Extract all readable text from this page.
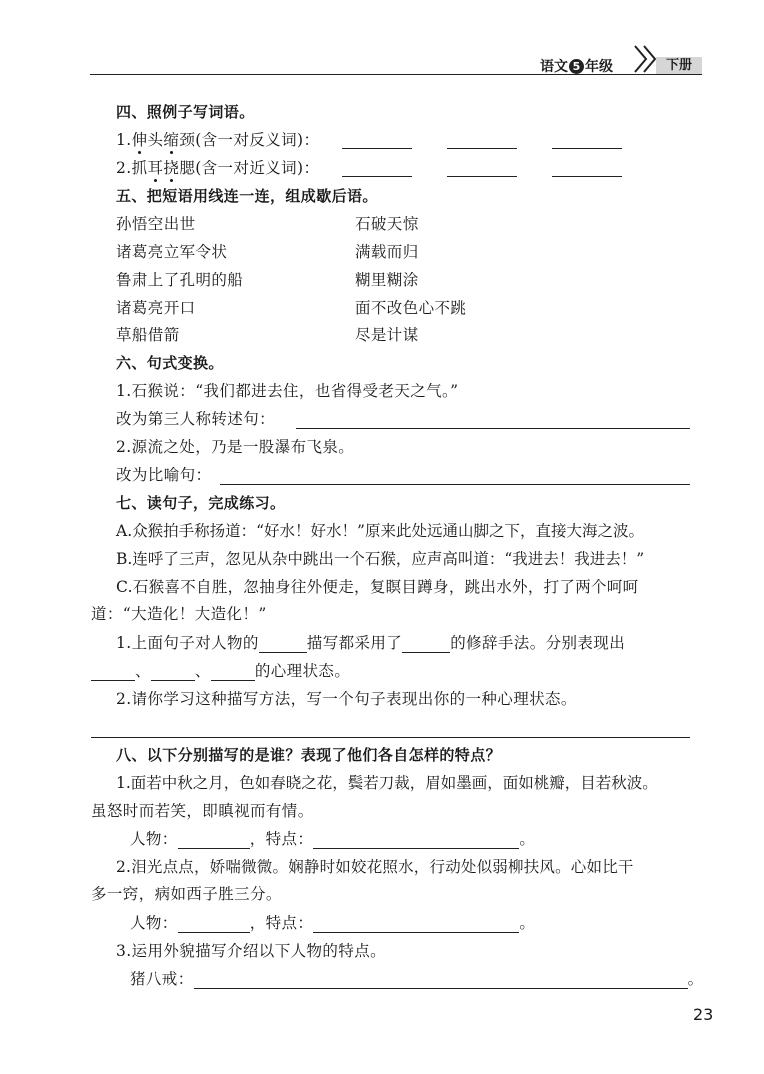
语文 5 年级	下册
四、照例子写词语。
1.伸头缩颈(含一对反义词)：
2.抓耳挠腮(含一对近义词)：
五、把短语用线连一连，组成歇后语。
孙悟空出世	石破天惊
诸葛亮立军令状	满载而归
鲁肃上了孔明的船	糊里糊涂
诸葛亮开口	面不改色心不跳
草船借箭	尽是计谋
六、句式变换。
1.石猴说：“我们都进去住，也省得受老天之气。”
改为第三人称转述句：
2.源流之处，乃是一股瀑布飞泉。
改为比喻句：
七、读句子，完成练习。
A.众猴拍手称扬道：“好水！好水！”原来此处远通山脚之下，直接大海之波。
B.连呼了三声，忽见从杂中跳出一个石猴，应声高叫道：“我进去！我进去！”
C.石猴喜不自胜，忽抽身往外便走，复瞑目蹲身，跳出水外，打了两个呵呵
道：“大造化！大造化！”
1.上面句子对人物的	描写都采用了	的修辞手法。分别表现出
、	、	的心理状态。
2.请你学习这种描写方法，写一个句子表现出你的一种心理状态。
八、以下分别描写的是谁？表现了他们各自怎样的特点？
1.面若中秋之月，色如春晓之花，鬓若刀裁，眉如墨画，面如桃瓣，目若秋波。
虽怒时而若笑，即瞋视而有情。
人物：	，特点：	。
2.泪光点点，娇喘微微。娴静时如姣花照水，行动处似弱柳扶风。心如比干
多一窍，病如西子胜三分。
人物：	，特点：	。
3.运用外貌描写介绍以下人物的特点。
猪八戒：	。
23
